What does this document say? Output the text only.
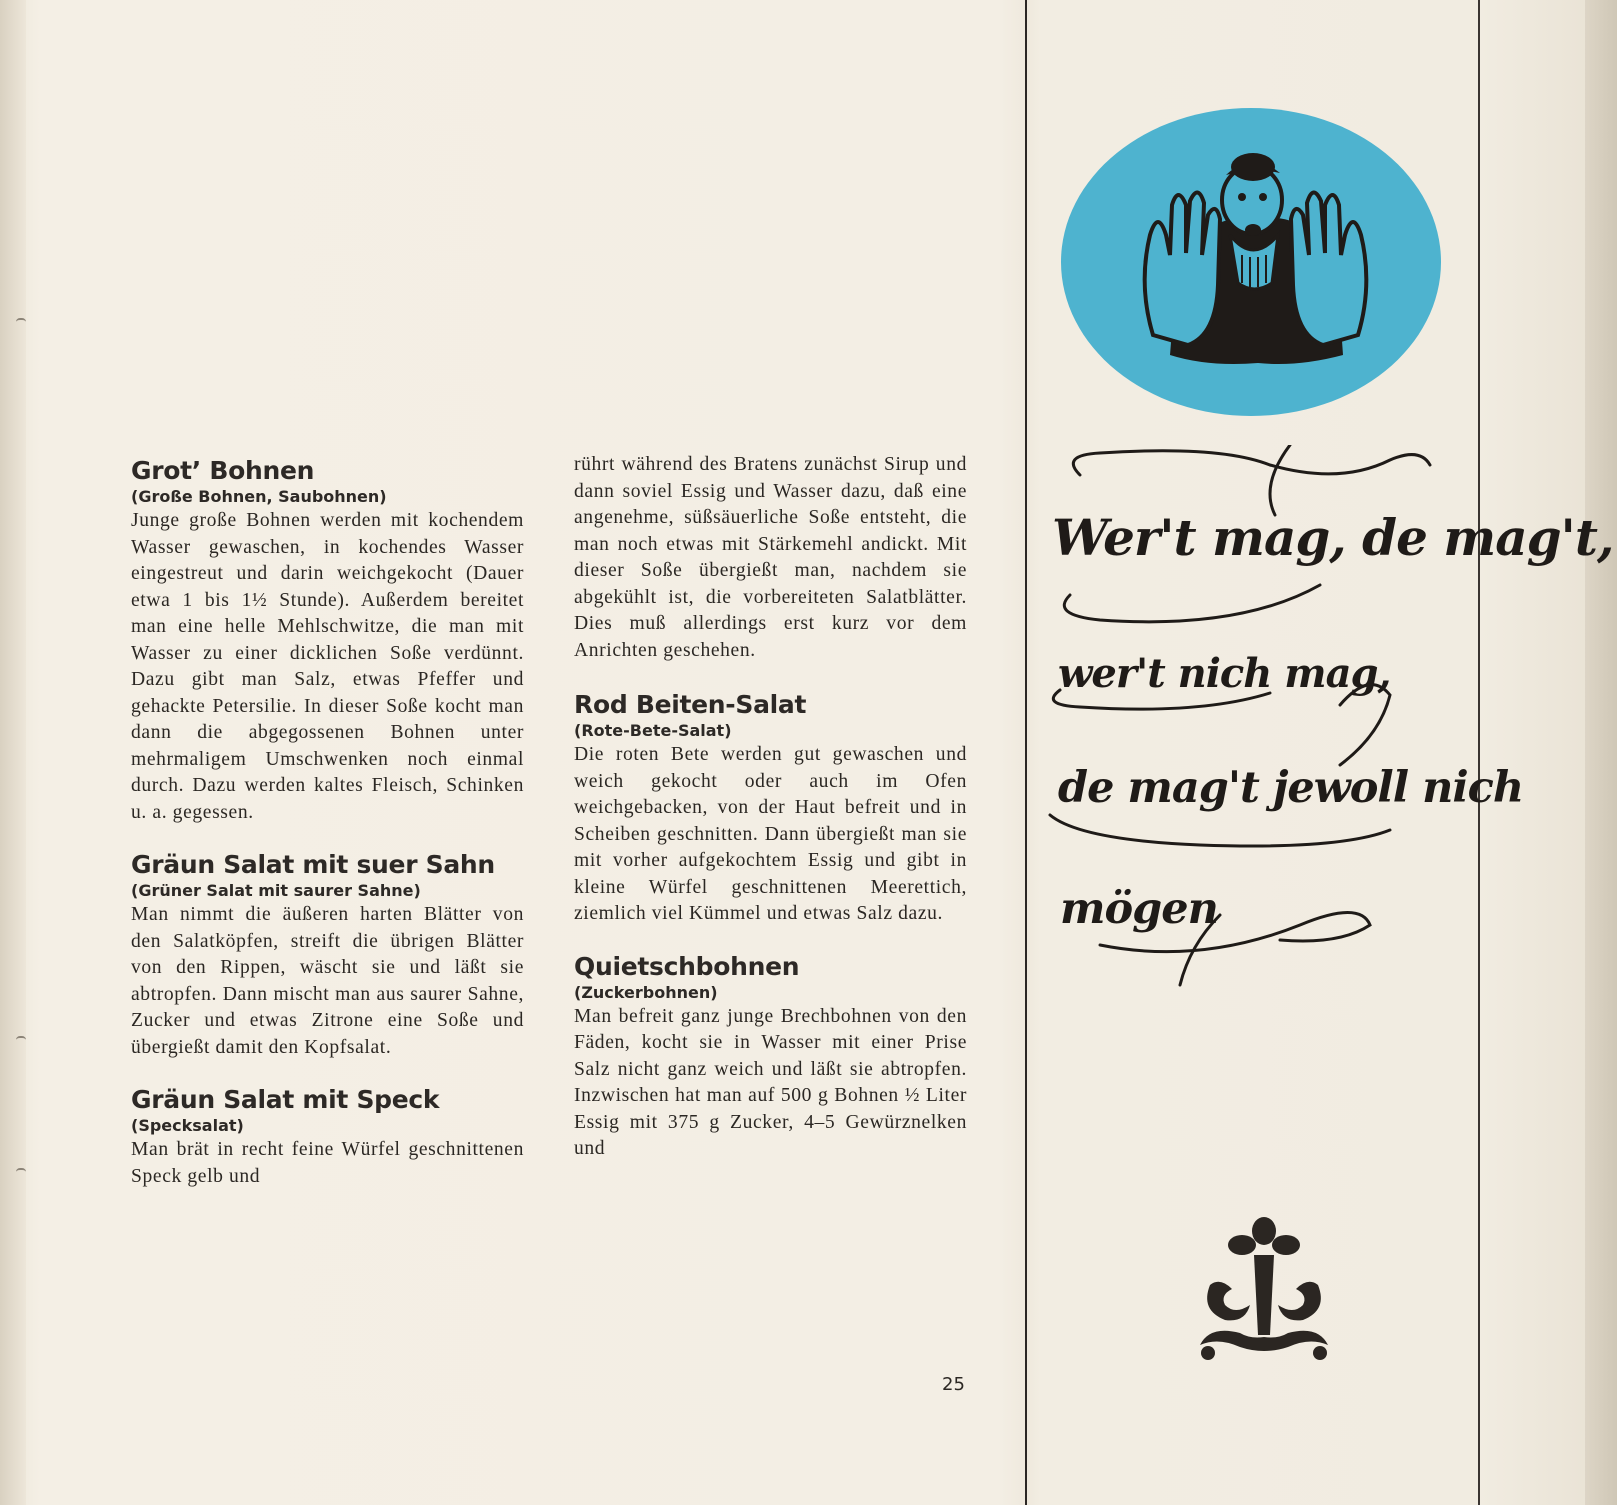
Grot’ Bohnen
(Große Bohnen, Saubohnen)

Junge große Bohnen werden mit kochendem Wasser gewaschen, in kochendes Wasser eingestreut und darin weichgekocht (Dauer etwa 1 bis 1½ Stunde). Außerdem bereitet man eine helle Mehlschwitze, die man mit Wasser zu einer dicklichen Soße verdünnt. Dazu gibt man Salz, etwas Pfeffer und gehackte Petersilie. In dieser Soße kocht man dann die abgegossenen Bohnen unter mehrmaligem Umschwenken noch einmal durch. Dazu werden kaltes Fleisch, Schinken u. a. gegessen.

Gräun Salat mit suer Sahn
(Grüner Salat mit saurer Sahne)

Man nimmt die äußeren harten Blätter von den Salatköpfen, streift die übrigen Blätter von den Rippen, wäscht sie und läßt sie abtropfen. Dann mischt man aus saurer Sahne, Zucker und etwas Zitrone eine Soße und übergießt damit den Kopfsalat.

Gräun Salat mit Speck
(Specksalat)

Man brät in recht feine Würfel geschnittenen Speck gelb und

rührt während des Bratens zunächst Sirup und dann soviel Essig und Wasser dazu, daß eine angenehme, süßsäuerliche Soße entsteht, die man noch etwas mit Stärkemehl andickt. Mit dieser Soße übergießt man, nachdem sie abgekühlt ist, die vorbereiteten Salatblätter. Dies muß allerdings erst kurz vor dem Anrichten geschehen.

Rod Beiten-Salat
(Rote-Bete-Salat)

Die roten Bete werden gut gewaschen und weich gekocht oder auch im Ofen weichgebacken, von der Haut befreit und in Scheiben geschnitten. Dann übergießt man sie mit vorher aufgekochtem Essig und gibt in kleine Würfel geschnittenen Meerettich, ziemlich viel Kümmel und etwas Salz dazu.

Quietschbohnen
(Zuckerbohnen)

Man befreit ganz junge Brechbohnen von den Fäden, kocht sie in Wasser mit einer Prise Salz nicht ganz weich und läßt sie abtropfen. Inzwischen hat man auf 500 g Bohnen ½ Liter Essig mit 375 g Zucker, 4–5 Gewürznelken und

25
Wer't mag, de mag't,
wer't nich mag,
de mag't jewoll nich
mögen
